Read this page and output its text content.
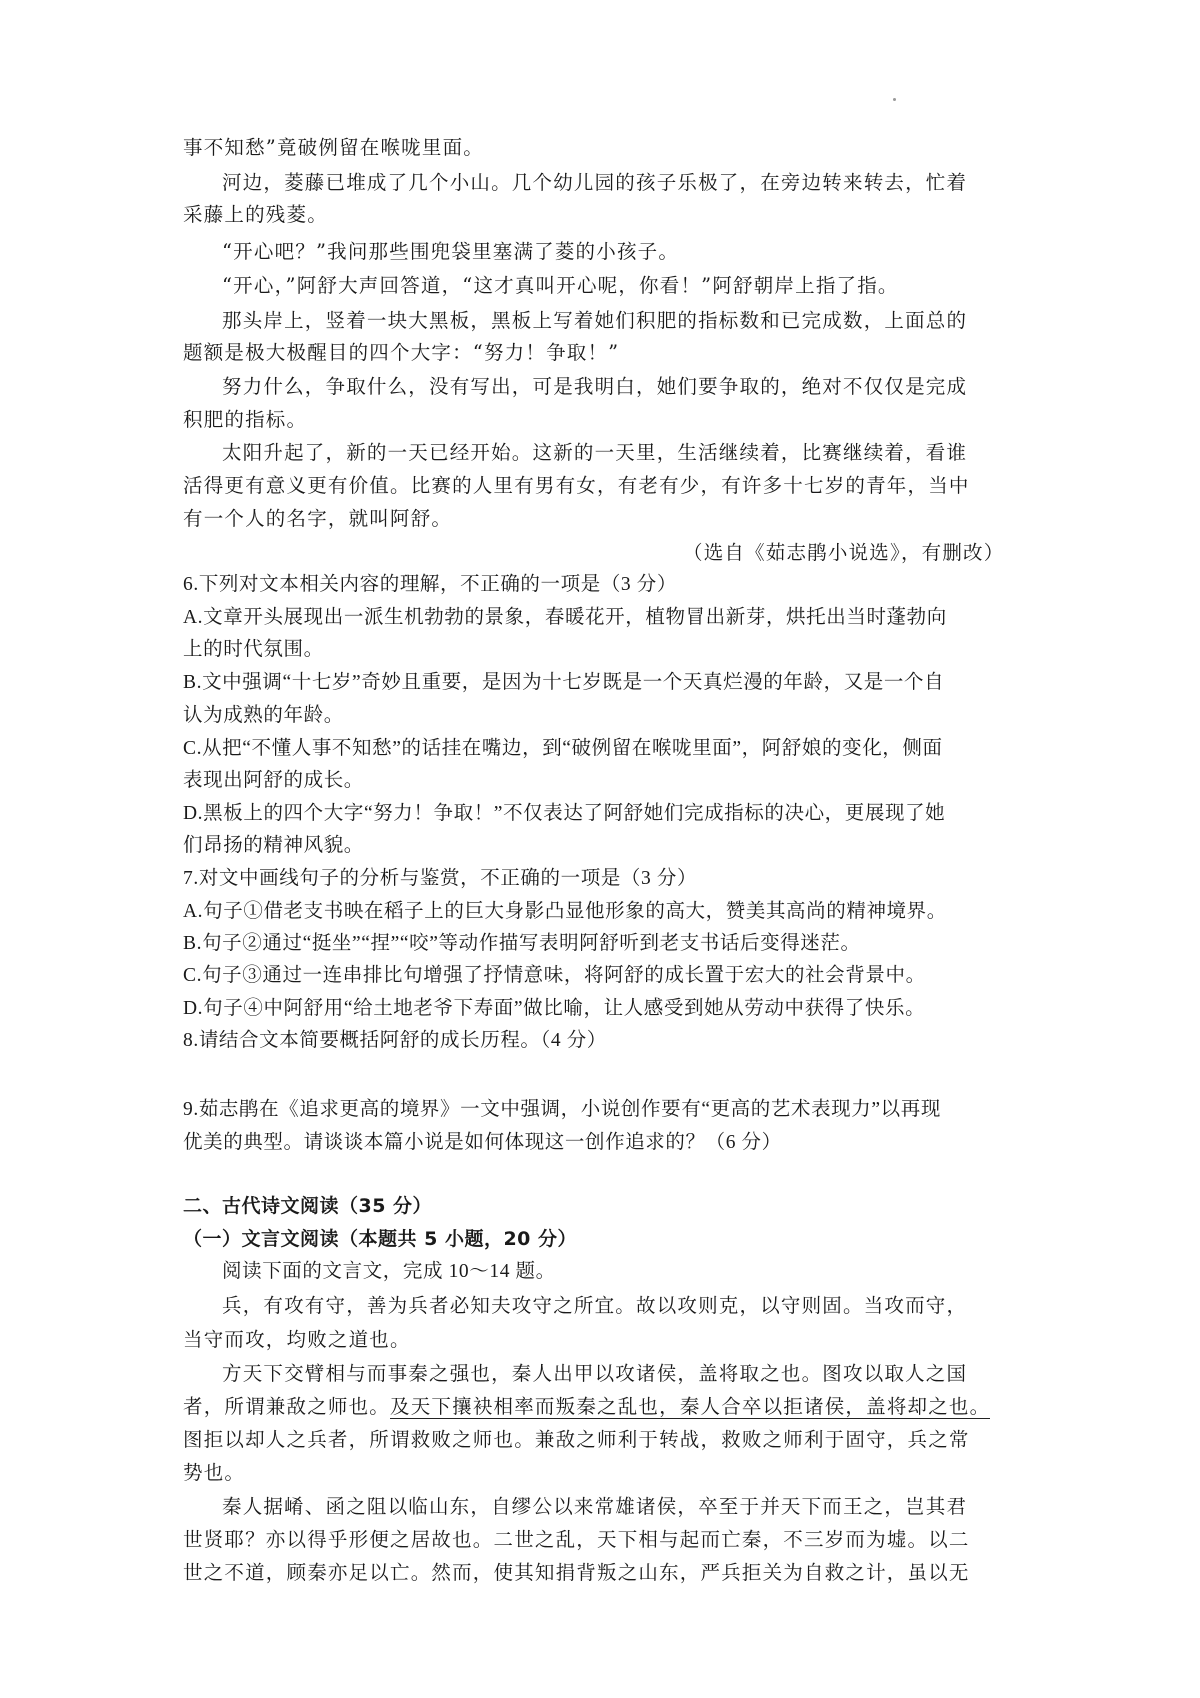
事不知愁”竟破例留在喉咙里面。
河边，菱藤已堆成了几个小山。几个幼儿园的孩子乐极了，在旁边转来转去，忙着
采藤上的残菱。
“开心吧？”我问那些围兜袋里塞满了菱的小孩子。
“开心，”阿舒大声回答道，“这才真叫开心呢，你看！”阿舒朝岸上指了指。
那头岸上，竖着一块大黑板，黑板上写着她们积肥的指标数和已完成数，上面总的
题额是极大极醒目的四个大字：“努力！争取！”
努力什么，争取什么，没有写出，可是我明白，她们要争取的，绝对不仅仅是完成
积肥的指标。
太阳升起了，新的一天已经开始。这新的一天里，生活继续着，比赛继续着，看谁
活得更有意义更有价值。比赛的人里有男有女，有老有少，有许多十七岁的青年，当中
有一个人的名字，就叫阿舒。
（选自《茹志鹃小说选》，有删改）
6.下列对文本相关内容的理解，不正确的一项是（3 分）
A.文章开头展现出一派生机勃勃的景象，春暖花开，植物冒出新芽，烘托出当时蓬勃向
上的时代氛围。
B.文中强调“十七岁”奇妙且重要，是因为十七岁既是一个天真烂漫的年龄，又是一个自
认为成熟的年龄。
C.从把“不懂人事不知愁”的话挂在嘴边，到“破例留在喉咙里面”，阿舒娘的变化，侧面
表现出阿舒的成长。
D.黑板上的四个大字“努力！争取！”不仅表达了阿舒她们完成指标的决心，更展现了她
们昂扬的精神风貌。
7.对文中画线句子的分析与鉴赏，不正确的一项是（3 分）
A.句子①借老支书映在稻子上的巨大身影凸显他形象的高大，赞美其高尚的精神境界。
B.句子②通过“挺坐”“捏”“咬”等动作描写表明阿舒听到老支书话后变得迷茫。
C.句子③通过一连串排比句增强了抒情意味，将阿舒的成长置于宏大的社会背景中。
D.句子④中阿舒用“给土地老爷下寿面”做比喻，让人感受到她从劳动中获得了快乐。
8.请结合文本简要概括阿舒的成长历程。（4 分）
9.茹志鹃在《追求更高的境界》一文中强调，小说创作要有“更高的艺术表现力”以再现
优美的典型。请谈谈本篇小说是如何体现这一创作追求的？（6 分）
二、古代诗文阅读（35 分）
（一）文言文阅读（本题共 5 小题，20 分）
阅读下面的文言文，完成 10～14 题。
兵，有攻有守，善为兵者必知夫攻守之所宜。故以攻则克，以守则固。当攻而守，
当守而攻，均败之道也。
方天下交臂相与而事秦之强也，秦人出甲以攻诸侯，盖将取之也。图攻以取人之国
者，所谓兼敌之师也。及天下攘袂相率而叛秦之乱也，秦人合卒以拒诸侯，盖将却之也。
图拒以却人之兵者，所谓救败之师也。兼敌之师利于转战，救败之师利于固守，兵之常
势也。
秦人据崤、函之阻以临山东，自缪公以来常雄诸侯，卒至于并天下而王之，岂其君
世贤耶？亦以得乎形便之居故也。二世之乱，天下相与起而亡秦，不三岁而为墟。以二
世之不道，顾秦亦足以亡。然而，使其知捐背叛之山东，严兵拒关为自救之计，虽以无
